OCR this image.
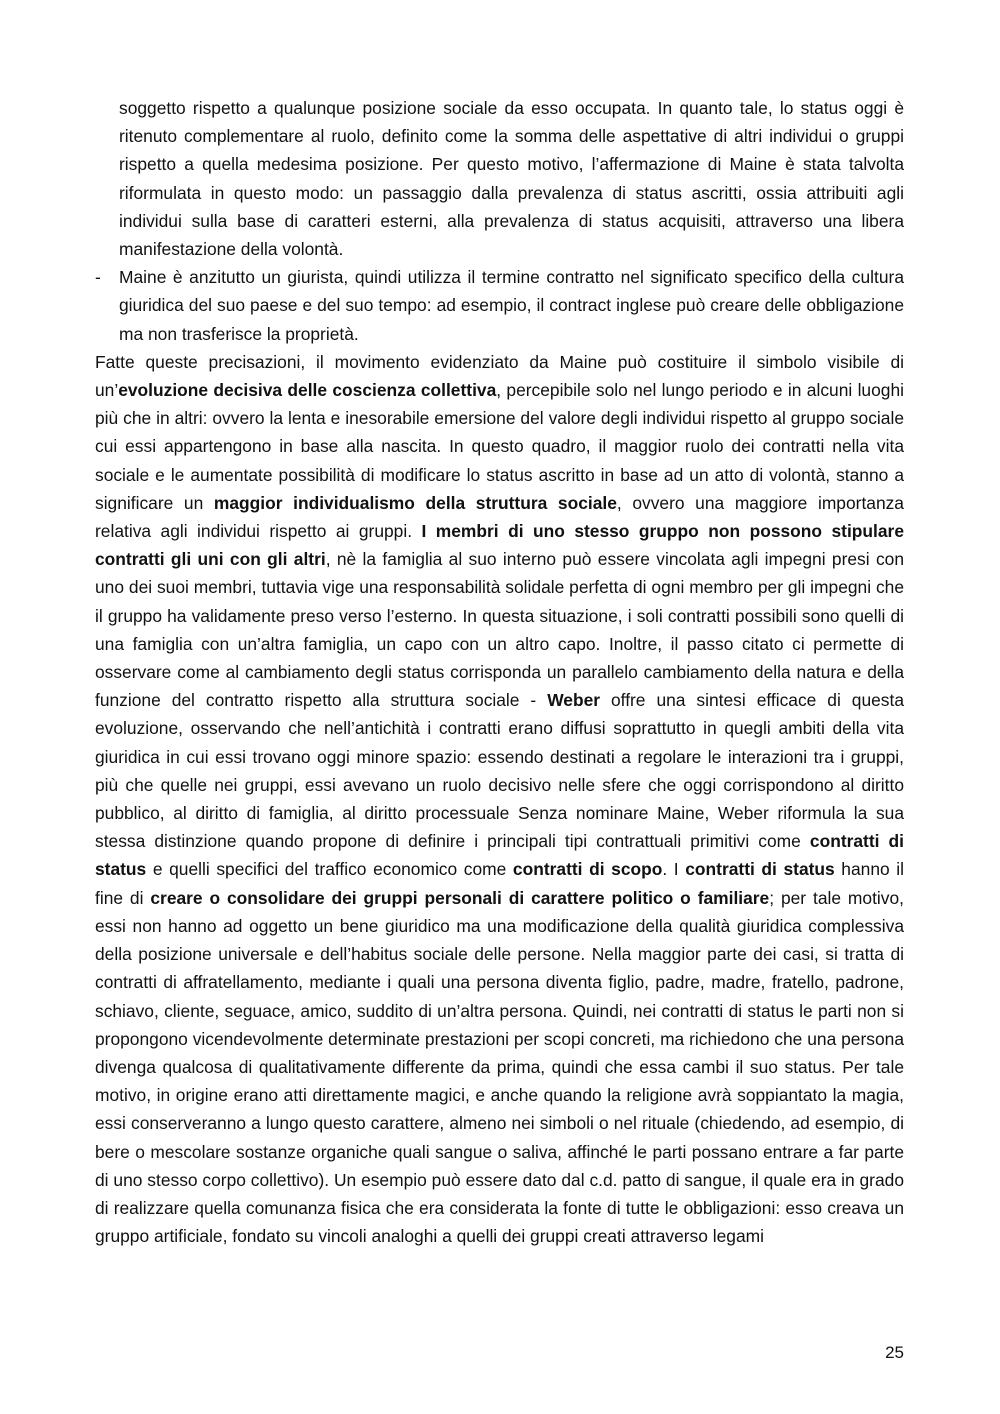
soggetto rispetto a qualunque posizione sociale da esso occupata. In quanto tale, lo status oggi è ritenuto complementare al ruolo, definito come la somma delle aspettative di altri individui o gruppi rispetto a quella medesima posizione. Per questo motivo, l’affermazione di Maine è stata talvolta riformulata in questo modo: un passaggio dalla prevalenza di status ascritti, ossia attribuiti agli individui sulla base di caratteri esterni, alla prevalenza di status acquisiti, attraverso una libera manifestazione della volontà.

- Maine è anzitutto un giurista, quindi utilizza il termine contratto nel significato specifico della cultura giuridica del suo paese e del suo tempo: ad esempio, il contract inglese può creare delle obbligazione ma non trasferisce la proprietà.

Fatte queste precisazioni, il movimento evidenziato da Maine può costituire il simbolo visibile di un’evoluzione decisiva delle coscienza collettiva, percepibile solo nel lungo periodo e in alcuni luoghi più che in altri: ovvero la lenta e inesorabile emersione del valore degli individui rispetto al gruppo sociale cui essi appartengono in base alla nascita. In questo quadro, il maggior ruolo dei contratti nella vita sociale e le aumentate possibilità di modificare lo status ascritto in base ad un atto di volontà, stanno a significare un maggior individualismo della struttura sociale, ovvero una maggiore importanza relativa agli individui rispetto ai gruppi. I membri di uno stesso gruppo non possono stipulare contratti gli uni con gli altri, nè la famiglia al suo interno può essere vincolata agli impegni presi con uno dei suoi membri, tuttavia vige una responsabilità solidale perfetta di ogni membro per gli impegni che il gruppo ha validamente preso verso l’esterno. In questa situazione, i soli contratti possibili sono quelli di una famiglia con un’altra famiglia, un capo con un altro capo. Inoltre, il passo citato ci permette di osservare come al cambiamento degli status corrisponda un parallelo cambiamento della natura e della funzione del contratto rispetto alla struttura sociale - Weber offre una sintesi efficace di questa evoluzione, osservando che nell’antichità i contratti erano diffusi soprattutto in quegli ambiti della vita giuridica in cui essi trovano oggi minore spazio: essendo destinati a regolare le interazioni tra i gruppi, più che quelle nei gruppi, essi avevano un ruolo decisivo nelle sfere che oggi corrispondono al diritto pubblico, al diritto di famiglia, al diritto processuale Senza nominare Maine, Weber riformula la sua stessa distinzione quando propone di definire i principali tipi contrattuali primitivi come contratti di status e quelli specifici del traffico economico come contratti di scopo. I contratti di status hanno il fine di creare o consolidare dei gruppi personali di carattere politico o familiare; per tale motivo, essi non hanno ad oggetto un bene giuridico ma una modificazione della qualità giuridica complessiva della posizione universale e dell’habitus sociale delle persone. Nella maggior parte dei casi, si tratta di contratti di affratellamento, mediante i quali una persona diventa figlio, padre, madre, fratello, padrone, schiavo, cliente, seguace, amico, suddito di un’altra persona. Quindi, nei contratti di status le parti non si propongono vicendevolmente determinate prestazioni per scopi concreti, ma richiedono che una persona divenga qualcosa di qualitativamente differente da prima, quindi che essa cambi il suo status. Per tale motivo, in origine erano atti direttamente magici, e anche quando la religione avrà soppiantato la magia, essi conserveranno a lungo questo carattere, almeno nei simboli o nel rituale (chiedendo, ad esempio, di bere o mescolare sostanze organiche quali sangue o saliva, affinché le parti possano entrare a far parte di uno stesso corpo collettivo). Un esempio può essere dato dal c.d. patto di sangue, il quale era in grado di realizzare quella comunanza fisica che era considerata la fonte di tutte le obbligazioni: esso creava un gruppo artificiale, fondato su vincoli analoghi a quelli dei gruppi creati attraverso legami

25
